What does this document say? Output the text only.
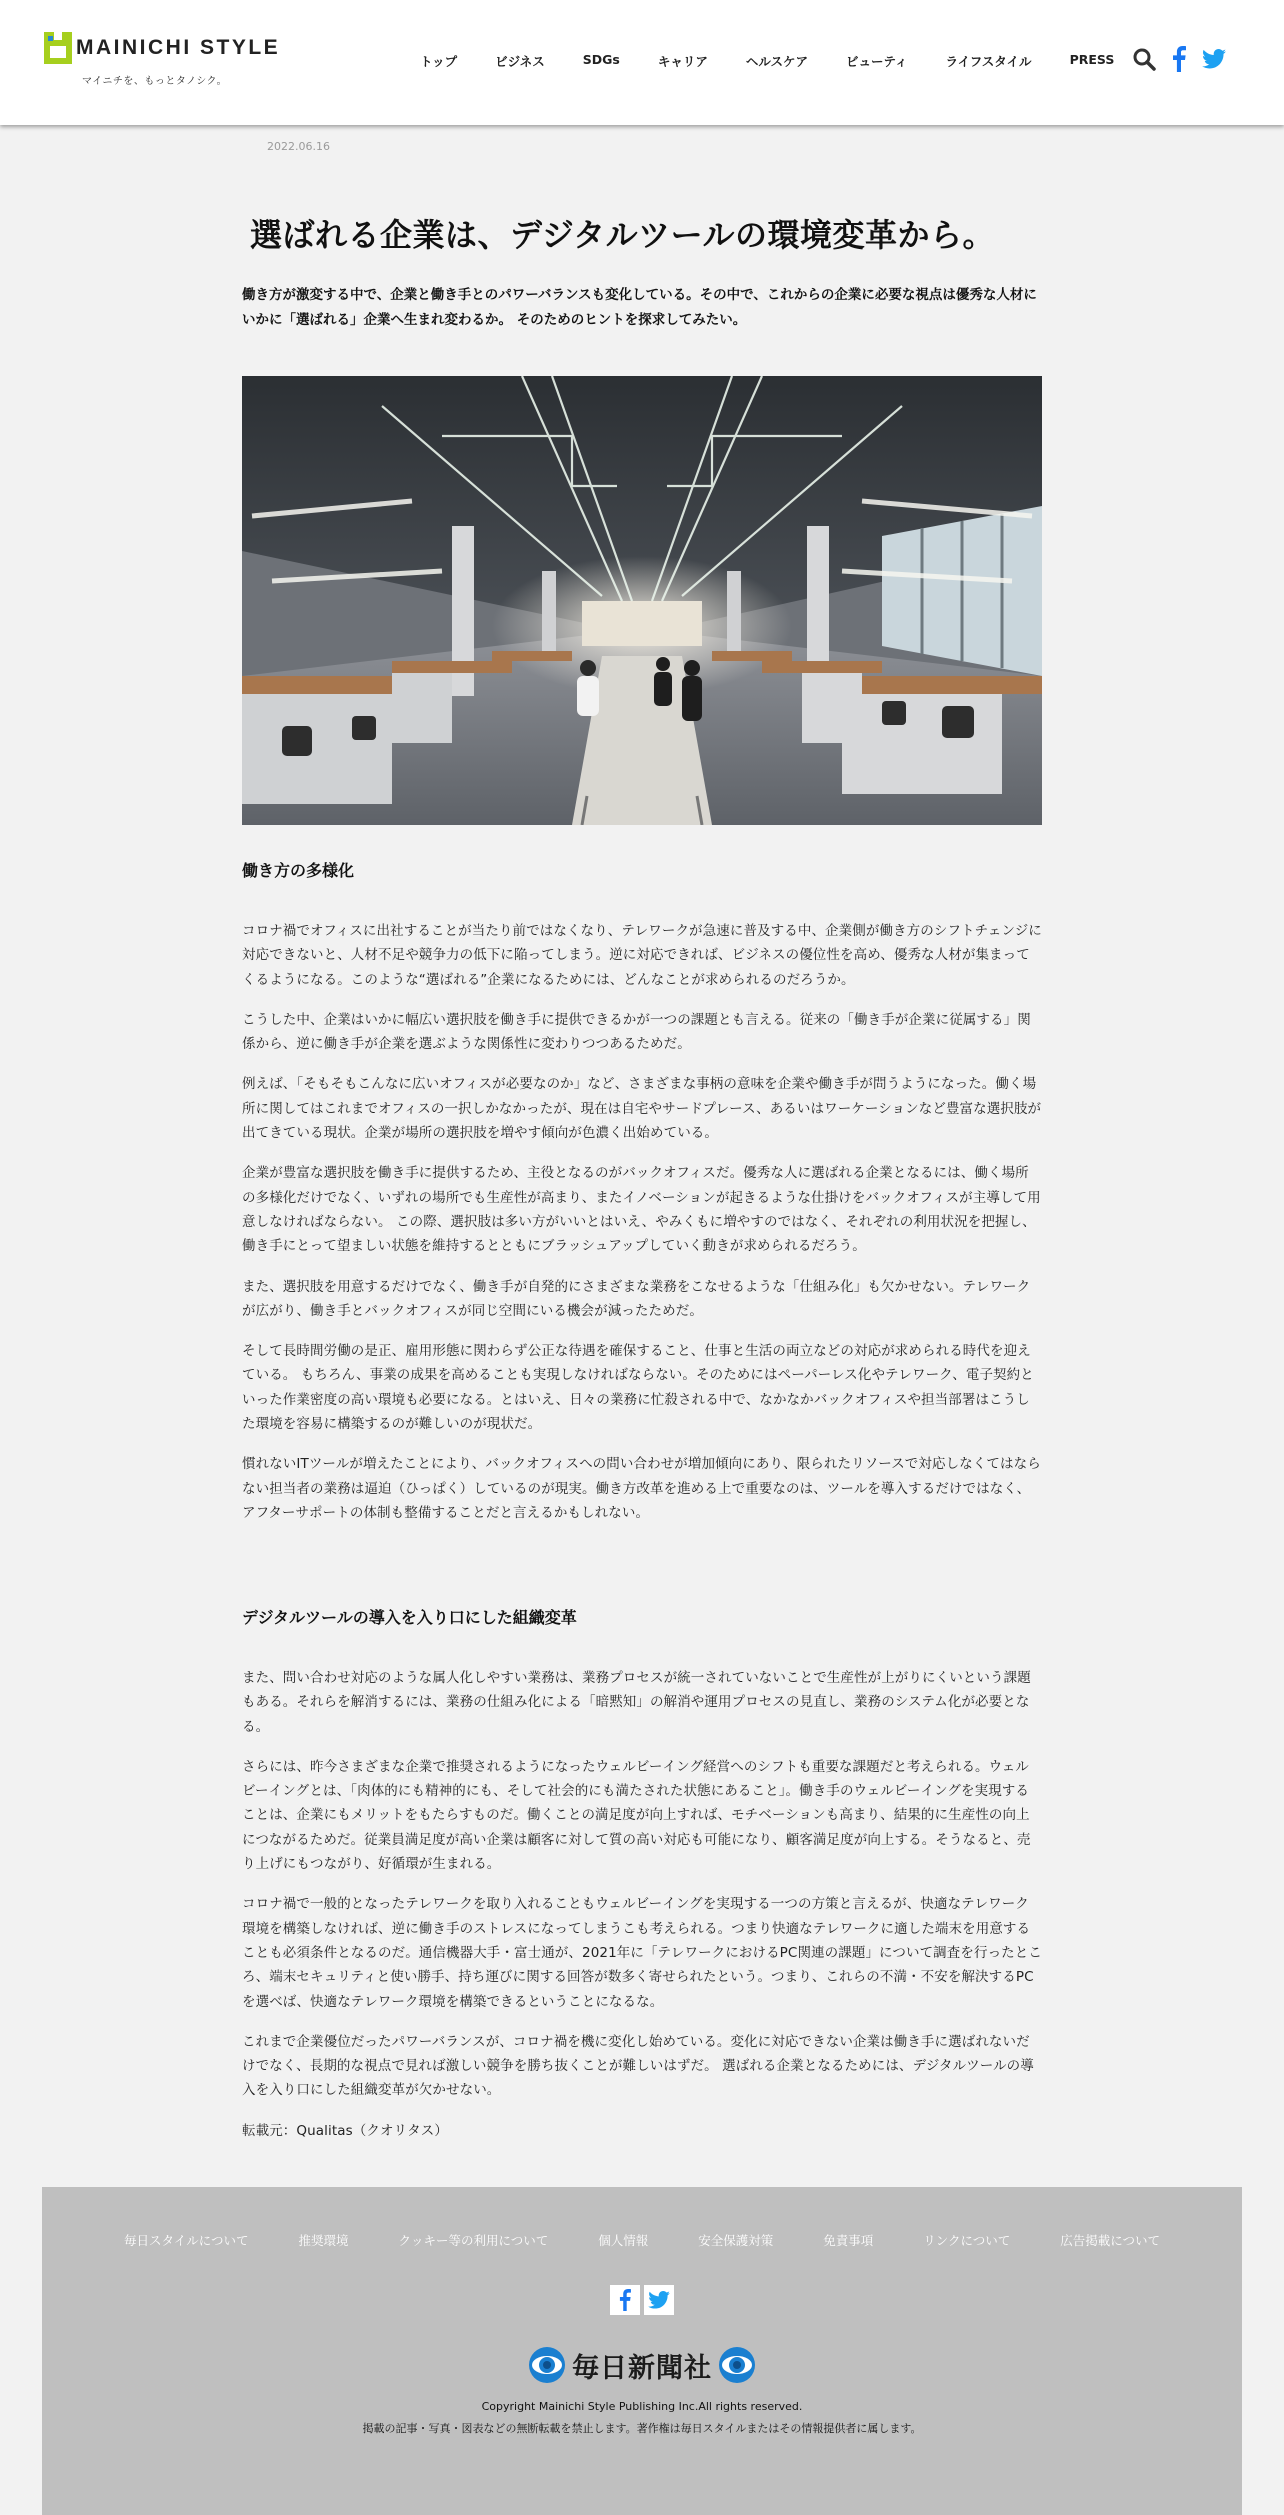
MAINICHI STYLE
マイニチを、もっとタノシク。
トップ	ビジネス	SDGs	キャリア	ヘルスケア	ビューティ	ライフスタイル	PRESS
2022.06.16
選ばれる企業は、デジタルツールの環境変革から。

働き方が激変する中で、企業と働き手とのパワーバランスも変化している。その中で、これからの企業に必要な視点は優秀な人材にいかに「選ばれる」企業へ生まれ変わるか。 そのためのヒントを探求してみたい。

働き方の多様化

コロナ禍でオフィスに出社することが当たり前ではなくなり、テレワークが急速に普及する中、企業側が働き方のシフトチェンジに対応できないと、人材不足や競争力の低下に陥ってしまう。逆に対応できれば、ビジネスの優位性を高め、優秀な人材が集まってくるようになる。このような“選ばれる”企業になるためには、どんなことが求められるのだろうか。

こうした中、企業はいかに幅広い選択肢を働き手に提供できるかが一つの課題とも言える。従来の「働き手が企業に従属する」関係から、逆に働き手が企業を選ぶような関係性に変わりつつあるためだ。

例えば、「そもそもこんなに広いオフィスが必要なのか」など、さまざまな事柄の意味を企業や働き手が問うようになった。働く場所に関してはこれまでオフィスの一択しかなかったが、現在は自宅やサードプレース、あるいはワーケーションなど豊富な選択肢が出てきている現状。企業が場所の選択肢を増やす傾向が色濃く出始めている。

企業が豊富な選択肢を働き手に提供するため、主役となるのがバックオフィスだ。優秀な人に選ばれる企業となるには、働く場所の多様化だけでなく、いずれの場所でも生産性が高まり、またイノベーションが起きるような仕掛けをバックオフィスが主導して用意しなければならない。 この際、選択肢は多い方がいいとはいえ、やみくもに増やすのではなく、それぞれの利用状況を把握し、働き手にとって望ましい状態を維持するとともにブラッシュアップしていく動きが求められるだろう。

また、選択肢を用意するだけでなく、働き手が自発的にさまざまな業務をこなせるような「仕組み化」も欠かせない。テレワークが広がり、働き手とバックオフィスが同じ空間にいる機会が減ったためだ。

そして長時間労働の是正、雇用形態に関わらず公正な待遇を確保すること、仕事と生活の両立などの対応が求められる時代を迎えている。 もちろん、事業の成果を高めることも実現しなければならない。そのためにはペーパーレス化やテレワーク、電子契約といった作業密度の高い環境も必要になる。とはいえ、日々の業務に忙殺される中で、なかなかバックオフィスや担当部署はこうした環境を容易に構築するのが難しいのが現状だ。

慣れないITツールが増えたことにより、バックオフィスへの問い合わせが増加傾向にあり、限られたリソースで対応しなくてはならない担当者の業務は逼迫（ひっぱく）しているのが現実。働き方改革を進める上で重要なのは、ツールを導入するだけではなく、アフターサポートの体制も整備することだと言えるかもしれない。

デジタルツールの導入を入り口にした組織変革

また、問い合わせ対応のような属人化しやすい業務は、業務プロセスが統一されていないことで生産性が上がりにくいという課題もある。それらを解消するには、業務の仕組み化による「暗黙知」の解消や運用プロセスの見直し、業務のシステム化が必要となる。

さらには、昨今さまざまな企業で推奨されるようになったウェルビーイング経営へのシフトも重要な課題だと考えられる。ウェルビーイングとは、「肉体的にも精神的にも、そして社会的にも満たされた状態にあること」。働き手のウェルビーイングを実現することは、企業にもメリットをもたらすものだ。働くことの満足度が向上すれば、モチベーションも高まり、結果的に生産性の向上につながるためだ。従業員満足度が高い企業は顧客に対して質の高い対応も可能になり、顧客満足度が向上する。そうなると、売り上げにもつながり、好循環が生まれる。

コロナ禍で一般的となったテレワークを取り入れることもウェルビーイングを実現する一つの方策と言えるが、快適なテレワーク環境を構築しなければ、逆に働き手のストレスになってしまうこも考えられる。つまり快適なテレワークに適した端末を用意することも必須条件となるのだ。通信機器大手・富士通が、2021年に「テレワークにおけるPC関連の課題」について調査を行ったところ、端末セキュリティと使い勝手、持ち運びに関する回答が数多く寄せられたという。つまり、これらの不満・不安を解決するPCを選べば、快適なテレワーク環境を構築できるということになるな。

これまで企業優位だったパワーバランスが、コロナ禍を機に変化し始めている。変化に対応できない企業は働き手に選ばれないだけでなく、長期的な視点で見れば激しい競争を勝ち抜くことが難しいはずだ。 選ばれる企業となるためには、デジタルツールの導入を入り口にした組織変革が欠かせない。

転載元：Qualitas（クオリタス）

毎日スタイルについて	推奨環境	クッキー等の利用について	個人情報	安全保護対策	免責事項	リンクについて	広告掲載について
毎日新聞社
Copyright Mainichi Style Publishing Inc.All rights reserved.
掲載の記事・写真・図表などの無断転載を禁止します。著作権は毎日スタイルまたはその情報提供者に属します。
